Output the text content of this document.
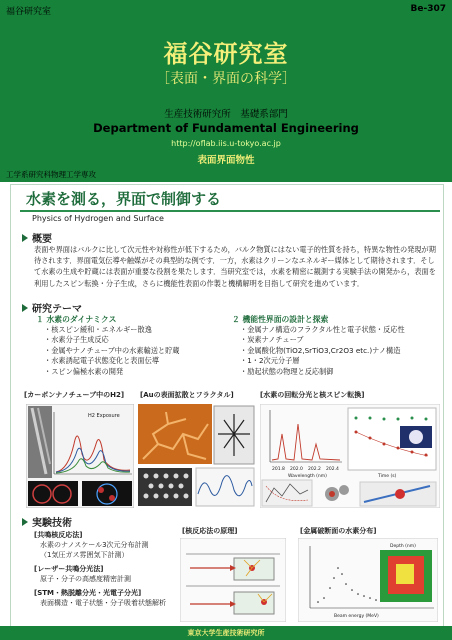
福谷研究室	Be-307
福谷研究室
［表面・界面の科学］
生産技術研究所　基礎系部門
Department of Fundamental Engineering
http://oflab.iis.u-tokyo.ac.jp
表面界面物性
工学系研究科物理工学専攻
水素を測る，界面で制御する
Physics of Hydrogen and Surface
概要
表面や界面はバルクに比して次元性や対称性が低下するため，バルク物質にはない電子的性質を持ち，特異な物性の発現が期待されます．界面電気伝導や触媒がその典型的な例です．一方，水素はクリーンなエネルギー媒体として期待されます．そして水素の生成や貯蔵には表面が重要な役割を果たします．当研究室では，水素を精密に観測する実験手法の開発から，表面を利用したスピン転換・分子生成，さらに機能性表面の作製と機構解明を目指して研究を進めています．
研究テーマ
１ 水素のダイナミクス
・核スピン緩和・エネルギー散逸
・水素分子生成反応
・金属やナノチューブ中の水素輸送と貯蔵
・水素誘起電子状態変化と表面伝導
・スピン偏極水素の開発
２ 機能性界面の設計と探索
・金属ナノ構造のフラクタル性と電子状態・反応性
・炭素ナノチューブ
・金属酸化物(TiO2,SrTiO3,Cr2O3 etc.)ナノ構造
・1・2次元分子層
・励起状態の物理と反応制御
[カーボンナノチューブ中のH2] [Auの表面拡散とフラクタル]	[水素の回転分光と核スピン転換]
H2 Exposure
201.8 202.0 202.2 202.4
Wavelength (nm)	Time (s)
実験技術
[共鳴核反応法]
水素のナノスケール3次元分布計測
（1気圧ガス雰囲気下計測）
[レーザー共鳴分光法]
原子・分子の高感度精密計測
[STM・熱脱離分光・光電子分光]
表面構造・電子状態・分子吸着状態解析
[核反応法の原理]	[金属破断面の水素分布]
Beam energy (MeV)
Depth (nm)
東京大学生産技術研究所
